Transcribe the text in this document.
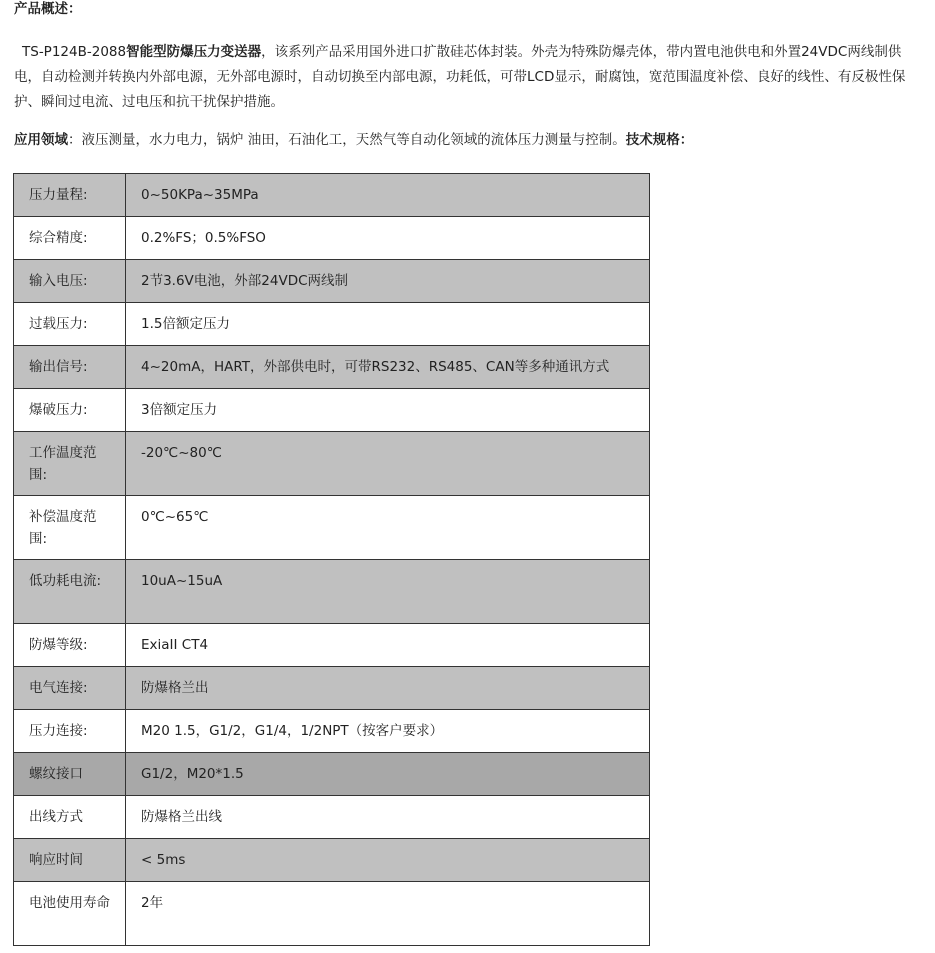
产品概述：
TS-P124B-2088智能型防爆压力变送器，该系列产品采用国外进口扩散硅芯体封装。外壳为特殊防爆壳体，带内置电池供电和外置24VDC两线制供电，自动检测并转换内外部电源，无外部电源时，自动切换至内部电源，功耗低，可带LCD显示，耐腐蚀，宽范围温度补偿、良好的线性、有反极性保护、瞬间过电流、过电压和抗干扰保护措施。
应用领域：液压测量，水力电力，锅炉 油田，石油化工，天然气等自动化领域的流体压力测量与控制。技术规格：
压力量程:	0~50KPa~35MPa
综合精度:	0.2%FS；0.5%FSO
输入电压:	2节3.6V电池，外部24VDC两线制
过载压力:	1.5倍额定压力
输出信号:	4~20mA，HART，外部供电时，可带RS232、RS485、CAN等多种通讯方式
爆破压力:	3倍额定压力
工作温度范围:	-20℃~80℃
补偿温度范围:	0℃~65℃
低功耗电流:	10uA~15uA
防爆等级:	ExiaII CT4
电气连接:	防爆格兰出
压力连接:	M20 1.5，G1/2，G1/4，1/2NPT（按客户要求）
螺纹接口	G1/2，M20*1.5
出线方式	防爆格兰出线
响应时间	< 5ms
电池使用寿命	2年
